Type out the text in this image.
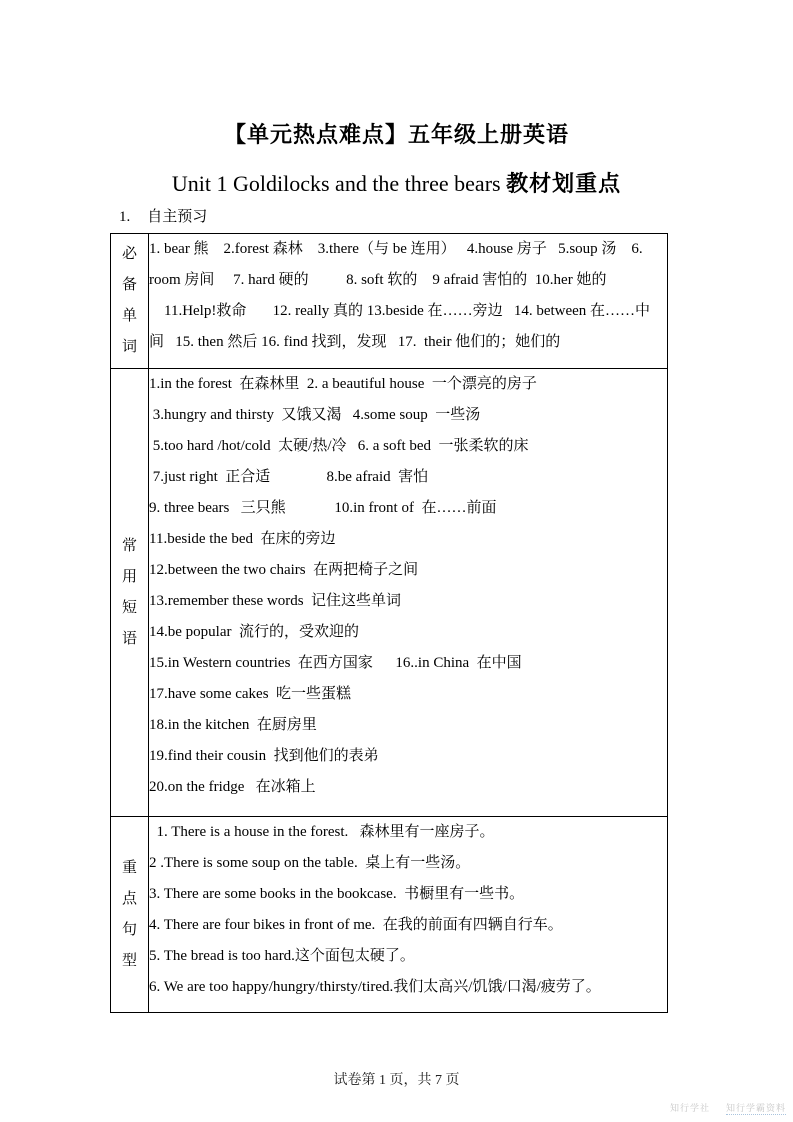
【单元热点难点】五年级上册英语
Unit 1 Goldilocks and the three bears 教材划重点
1. 自主预习
必
备
单
词

1. bear 熊    2.forest 森林    3.there（与 be 连用）   4.house 房子   5.soup 汤    6.
room 房间     7. hard 硬的          8. soft 软的    9 afraid 害怕的  10.her 她的
11.Help!救命       12. really 真的 13.beside 在……旁边   14. between 在……中
间   15. then 然后 16. find 找到，发现   17.  their 他们的；她们的

常
用
短
语

1.in the forest  在森林里  2. a beautiful house  一个漂亮的房子
3.hungry and thirsty  又饿又渴   4.some soup  一些汤
5.too hard /hot/cold  太硬/热/冷   6. a soft bed  一张柔软的床
7.just right  正合适               8.be afraid  害怕
9. three bears   三只熊             10.in front of  在……前面
11.beside the bed  在床的旁边
12.between the two chairs  在两把椅子之间
13.remember these words  记住这些单词
14.be popular  流行的，受欢迎的
15.in Western countries  在西方国家      16..in China  在中国
17.have some cakes  吃一些蛋糕
18.in the kitchen  在厨房里
19.find their cousin  找到他们的表弟
20.on the fridge   在冰箱上

重
点
句
型

1. There is a house in the forest.   森林里有一座房子。
2 .There is some soup on the table.  桌上有一些汤。
3. There are some books in the bookcase.  书橱里有一些书。
4. There are four bikes in front of me.  在我的前面有四辆自行车。
5. The bread is too hard.这个面包太硬了。
6. We are too happy/hungry/thirsty/tired.我们太高兴/饥饿/口渴/疲劳了。
试卷第 1 页，共 7 页
知行学社 知行学霸资料
